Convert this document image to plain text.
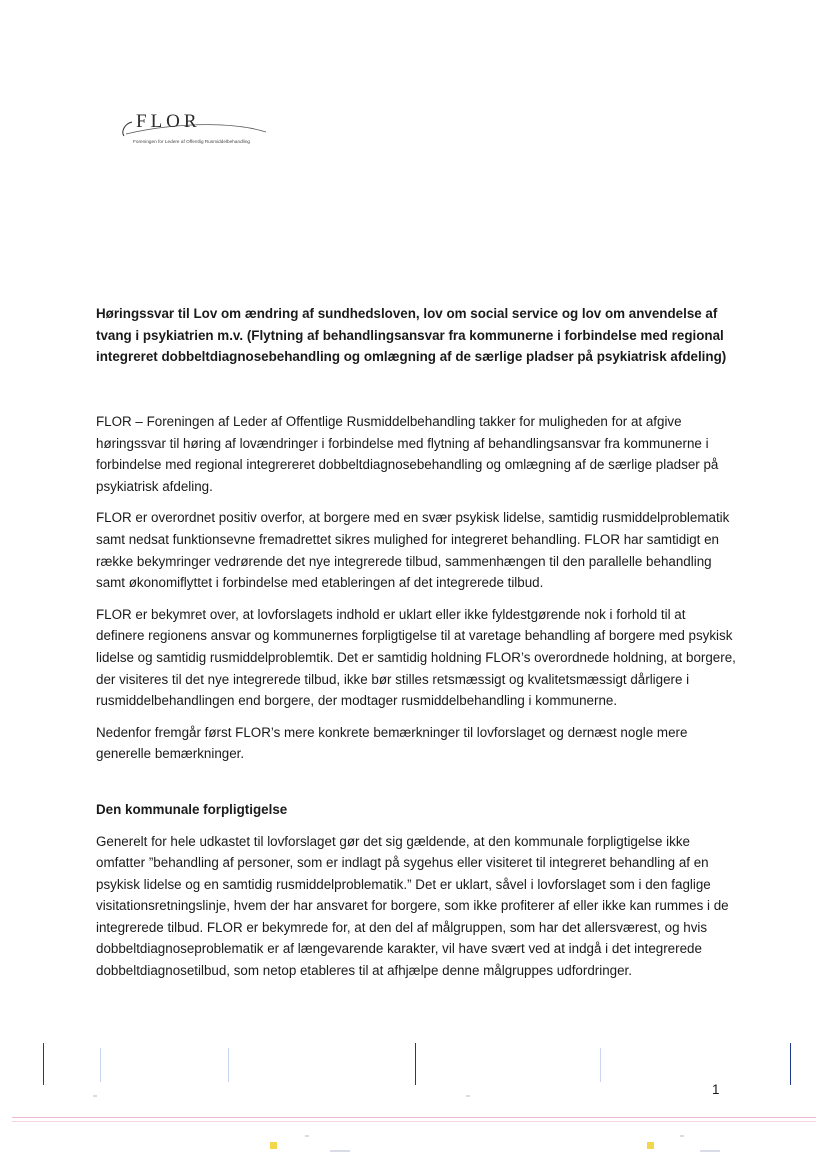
FLOR
Foreningen for Ledere af Offentlig Rusmiddelbehandling
Høringssvar til Lov om ændring af sundhedsloven, lov om social service og lov om anvendelse af tvang i psykiatrien m.v. (Flytning af behandlingsansvar fra kommunerne i forbindelse med regional integreret dobbeltdiagnosebehandling og omlægning af de særlige pladser på psykiatrisk afdeling)

FLOR – Foreningen af Leder af Offentlige Rusmiddelbehandling takker for muligheden for at afgive høringssvar til høring af lovændringer i forbindelse med flytning af behandlingsansvar fra kommunerne i forbindelse med regional integrereret dobbeltdiagnosebehandling og omlægning af de særlige pladser på psykiatrisk afdeling.

FLOR er overordnet positiv overfor, at borgere med en svær psykisk lidelse, samtidig rusmiddelproblematik samt nedsat funktionsevne fremadrettet sikres mulighed for integreret behandling. FLOR har samtidigt en række bekymringer vedrørende det nye integrerede tilbud, sammenhængen til den parallelle behandling samt økonomiflyttet i forbindelse med etableringen af det integrerede tilbud.

FLOR er bekymret over, at lovforslagets indhold er uklart eller ikke fyldestgørende nok i forhold til at definere regionens ansvar og kommunernes forpligtigelse til at varetage behandling af borgere med psykisk lidelse og samtidig rusmiddelproblemtik. Det er samtidig holdning FLOR’s overordnede holdning, at borgere, der visiteres til det nye integrerede tilbud, ikke bør stilles retsmæssigt og kvalitetsmæssigt dårligere i rusmiddelbehandlingen end borgere, der modtager rusmiddelbehandling i kommunerne.

Nedenfor fremgår først FLOR’s mere konkrete bemærkninger til lovforslaget og dernæst nogle mere generelle bemærkninger.

Den kommunale forpligtigelse

Generelt for hele udkastet til lovforslaget gør det sig gældende, at den kommunale forpligtigelse ikke omfatter ”behandling af personer, som er indlagt på sygehus eller visiteret til integreret behandling af en psykisk lidelse og en samtidig rusmiddelproblematik.” Det er uklart, såvel i lovforslaget som i den faglige visitationsretningslinje, hvem der har ansvaret for borgere, som ikke profiterer af eller ikke kan rummes i de integrerede tilbud. FLOR er bekymrede for, at den del af målgruppen, som har det allersværest, og hvis dobbeltdiagnoseproblematik er af længevarende karakter, vil have svært ved at indgå i det integrerede dobbeltdiagnosetilbud, som netop etableres til at afhjælpe denne målgruppes udfordringer.

1
